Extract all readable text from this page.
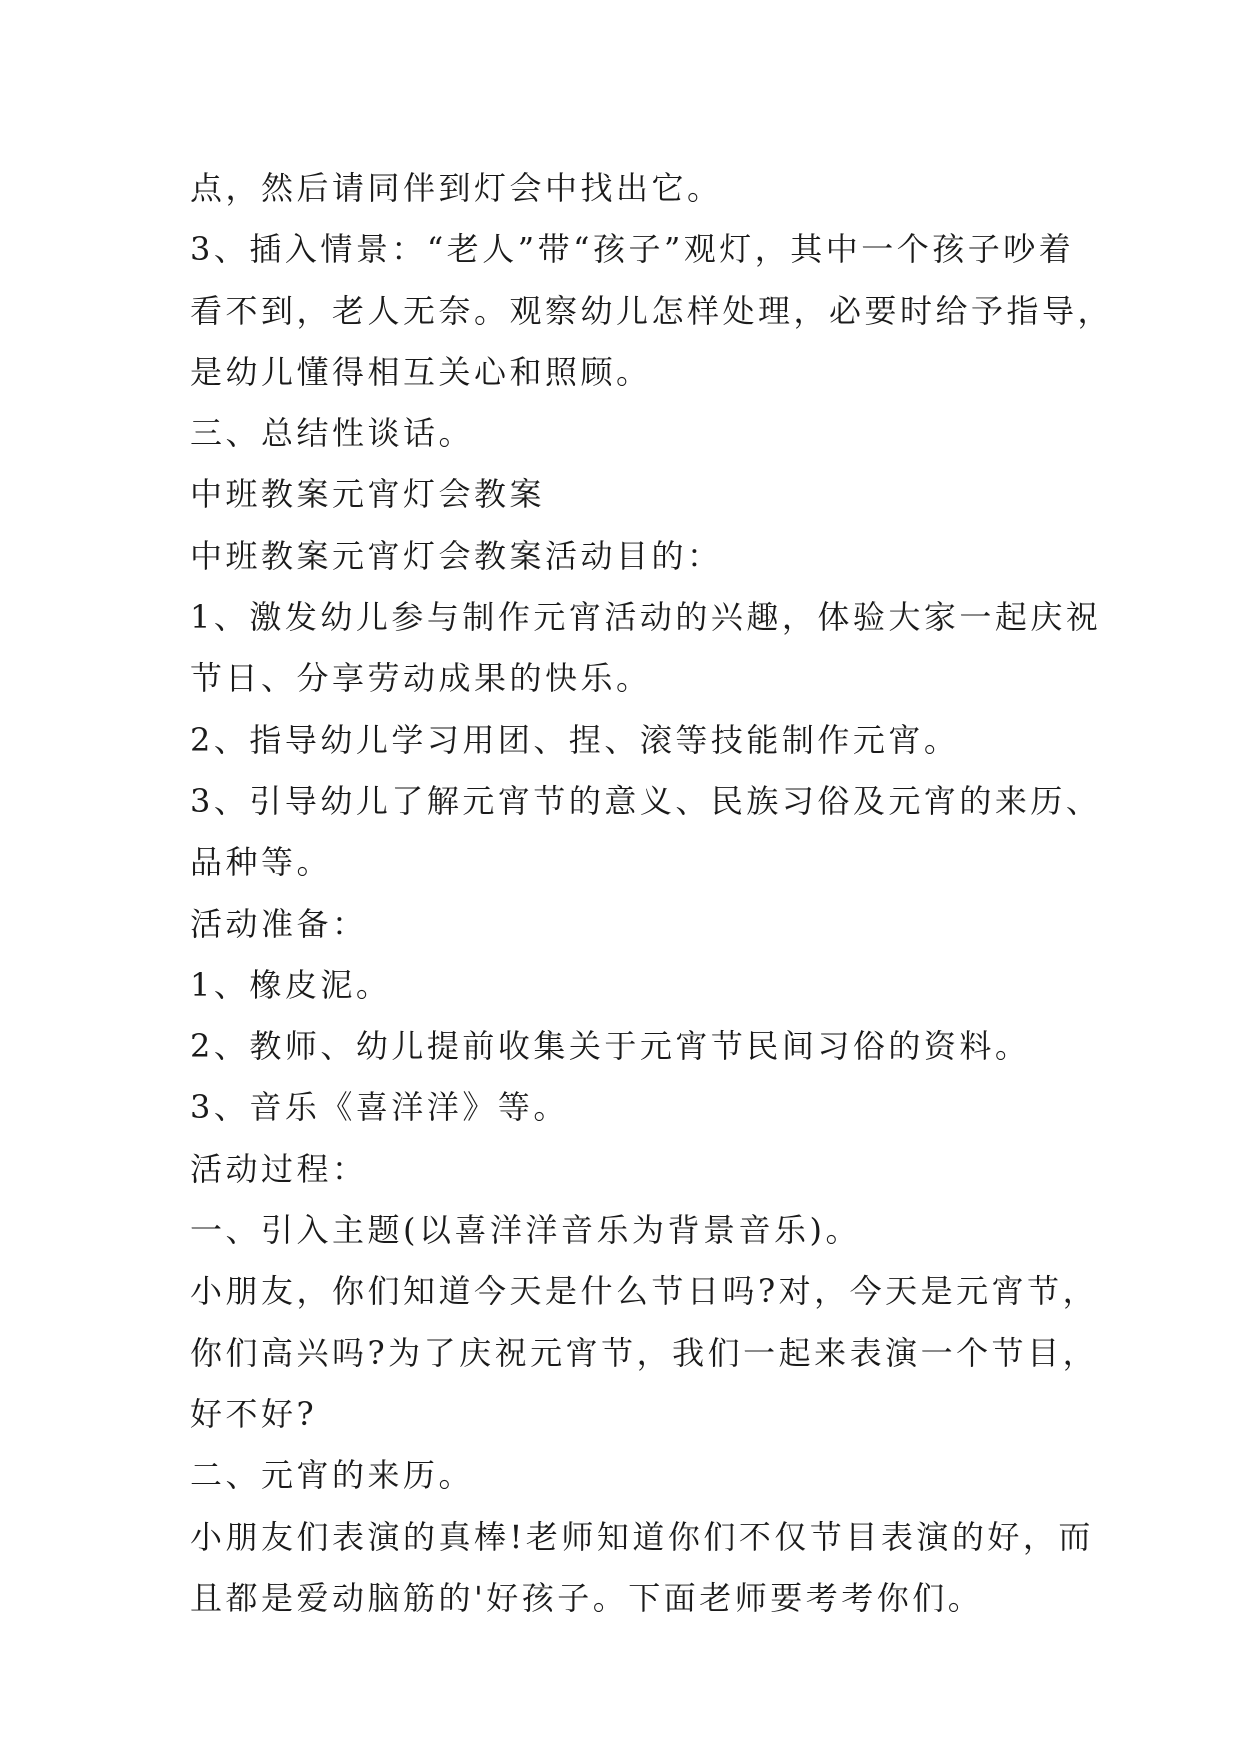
点，然后请同伴到灯会中找出它。
3、插入情景：“老人”带“孩子”观灯，其中一个孩子吵着
看不到，老人无奈。观察幼儿怎样处理，必要时给予指导，
是幼儿懂得相互关心和照顾。
三、总结性谈话。
中班教案元宵灯会教案
中班教案元宵灯会教案活动目的：
1、激发幼儿参与制作元宵活动的兴趣，体验大家一起庆祝
节日、分享劳动成果的快乐。
2、指导幼儿学习用团、捏、滚等技能制作元宵。
3、引导幼儿了解元宵节的意义、民族习俗及元宵的来历、
品种等。
活动准备：
1、橡皮泥。
2、教师、幼儿提前收集关于元宵节民间习俗的资料。
3、音乐《喜洋洋》等。
活动过程：
一、引入主题(以喜洋洋音乐为背景音乐)。
小朋友，你们知道今天是什么节日吗?对，今天是元宵节，
你们高兴吗?为了庆祝元宵节，我们一起来表演一个节目，
好不好?
二、元宵的来历。
小朋友们表演的真棒!老师知道你们不仅节目表演的好，而
且都是爱动脑筋的'好孩子。下面老师要考考你们。
